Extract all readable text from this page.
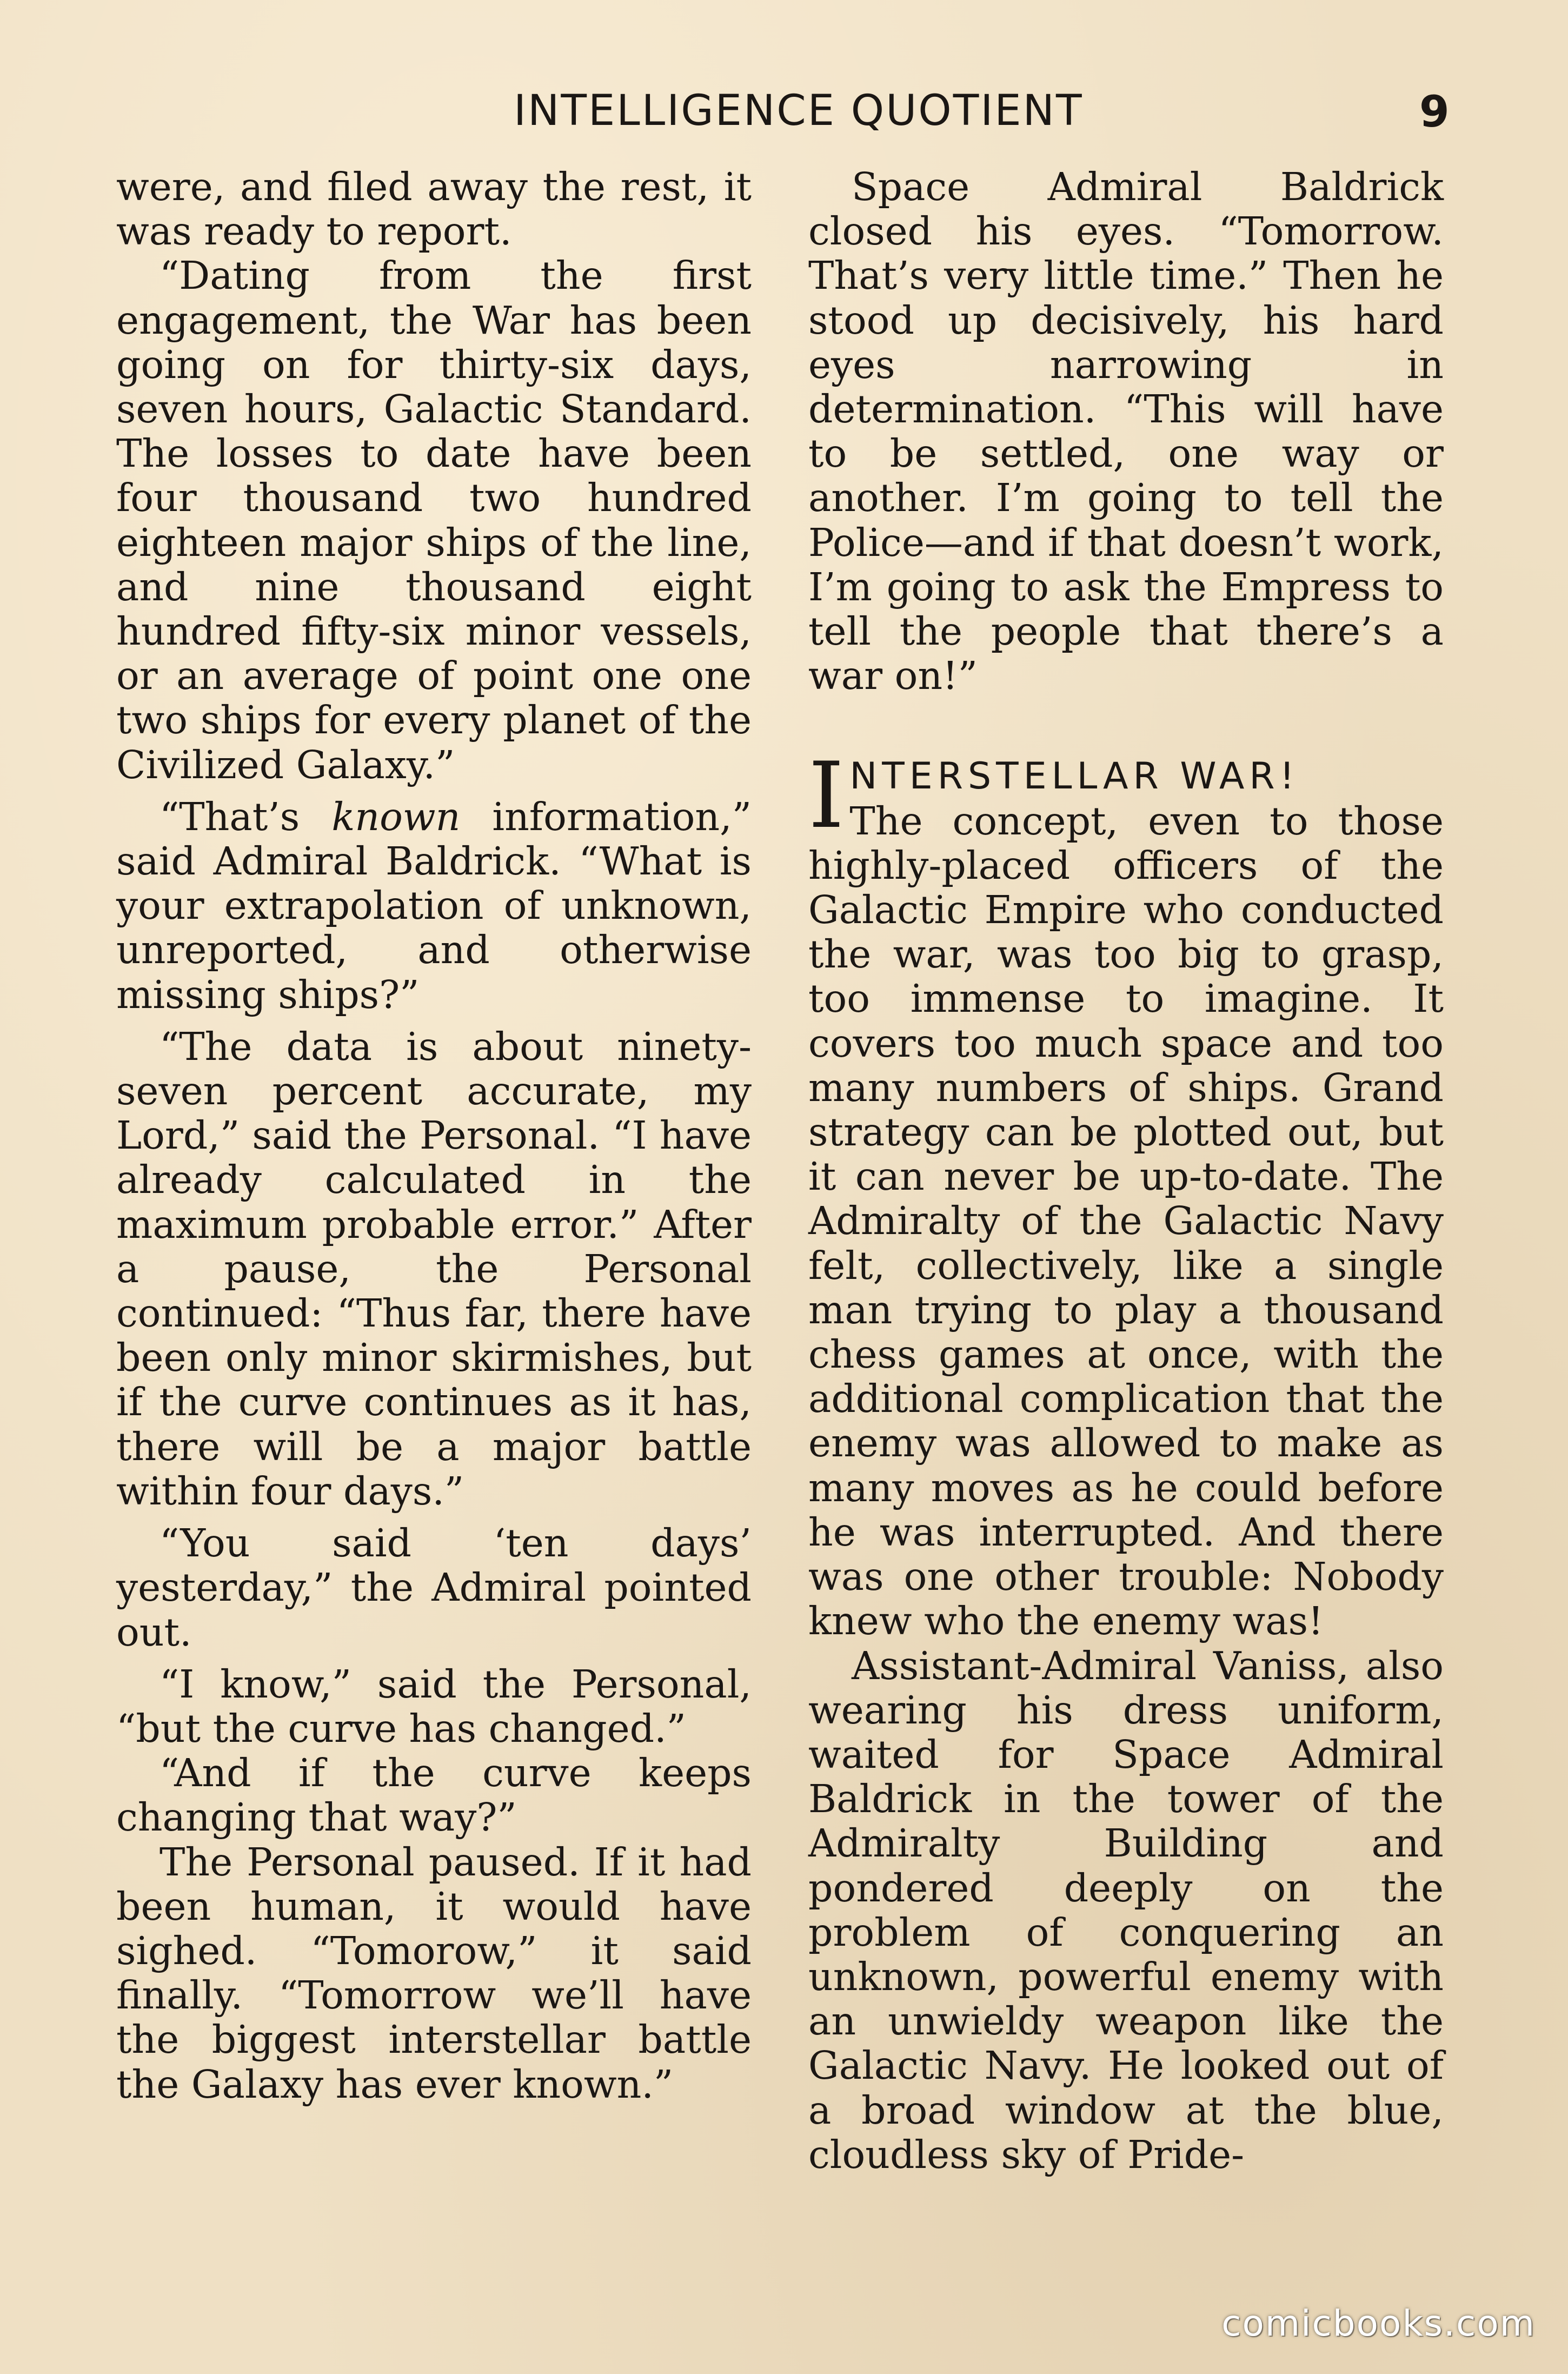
INTELLIGENCE QUOTIENT	9

were, and filed away the rest, it was ready to report.

“Dating from the first engagement, the War has been going on for thirty-six days, seven hours, Galactic Standard. The losses to date have been four thousand two hundred eighteen major ships of the line, and nine thousand eight hundred fifty-six minor vessels, or an average of point one one two ships for every planet of the Civilized Galaxy.”

“That’s known information,” said Admiral Baldrick. “What is your extrapolation of unknown, unreported, and otherwise missing ships?”

“The data is about ninety-seven percent accurate, my Lord,” said the Personal. “I have already calculated in the maximum probable error.” After a pause, the Personal continued: “Thus far, there have been only minor skirmishes, but if the curve continues as it has, there will be a major battle within four days.”

“You said ‘ten days’ yesterday,” the Admiral pointed out.

“I know,” said the Personal, “but the curve has changed.”

“And if the curve keeps changing that way?”

The Personal paused. If it had been human, it would have sighed. “Tomorow,” it said finally. “Tomorrow we’ll have the biggest interstellar battle the Galaxy has ever known.”

Space Admiral Baldrick closed his eyes. “Tomorrow. That’s very little time.” Then he stood up decisively, his hard eyes narrowing in determination. “This will have to be settled, one way or another. I’m going to tell the Police—and if that doesn’t work, I’m going to ask the Empress to tell the people that there’s a war on!”

I NTERSTELLAR WAR!
The concept, even to those highly-placed officers of the Galactic Empire who conducted the war, was too big to grasp, too immense to imagine. It covers too much space and too many numbers of ships. Grand strategy can be plotted out, but it can never be up-to-date. The Admiralty of the Galactic Navy felt, collectively, like a single man trying to play a thousand chess games at once, with the additional complication that the enemy was allowed to make as many moves as he could before he was interrupted. And there was one other trouble: Nobody knew who the enemy was!

Assistant-Admiral Vaniss, also wearing his dress uniform, waited for Space Admiral Baldrick in the tower of the Admiralty Building and pondered deeply on the problem of conquering an unknown, powerful enemy with an unwieldy weapon like the Galactic Navy. He looked out of a broad window at the blue, cloudless sky of Pride-

comicbooks.com
